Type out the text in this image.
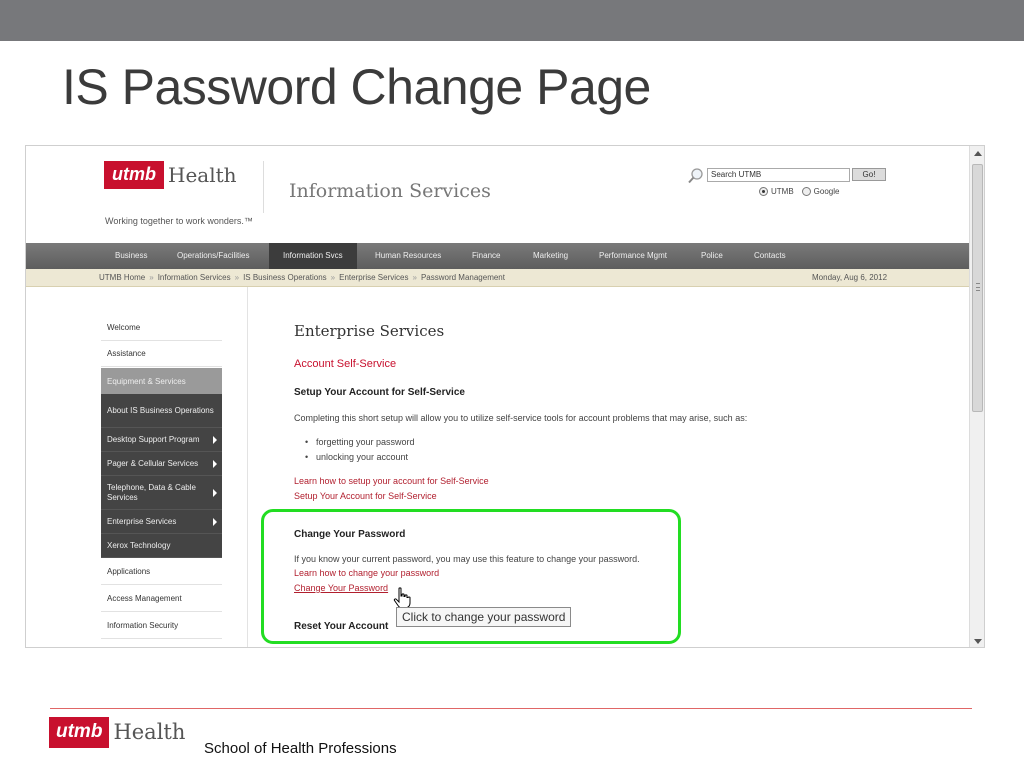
IS Password Change Page
utmb Health
Working together to work wonders.™
Information Services
Search UTMB	Go!
UTMB	Google
Business	Operations/Facilities	Information Svcs	Human Resources	Finance	Marketing	Performance Mgmt	Police	Contacts
UTMB Home » Information Services » IS Business Operations » Enterprise Services » Password Management	Monday, Aug 6, 2012
Welcome
Assistance
Equipment & Services
About IS Business Operations
Desktop Support Program
Pager & Cellular Services
Telephone, Data & Cable Services
Enterprise Services
Xerox Technology
Applications
Access Management
Information Security
Enterprise Services
Account Self-Service
Setup Your Account for Self-Service
Completing this short setup will allow you to utilize self-service tools for account problems that may arise, such as:
• forgetting your password
• unlocking your account
Learn how to setup your account for Self-Service
Setup Your Account for Self-Service
Change Your Password
If you know your current password, you may use this feature to change your password.
Learn how to change your password
Change Your Password
Reset Your Account
Click to change your password
utmb Health
School of Health Professions
